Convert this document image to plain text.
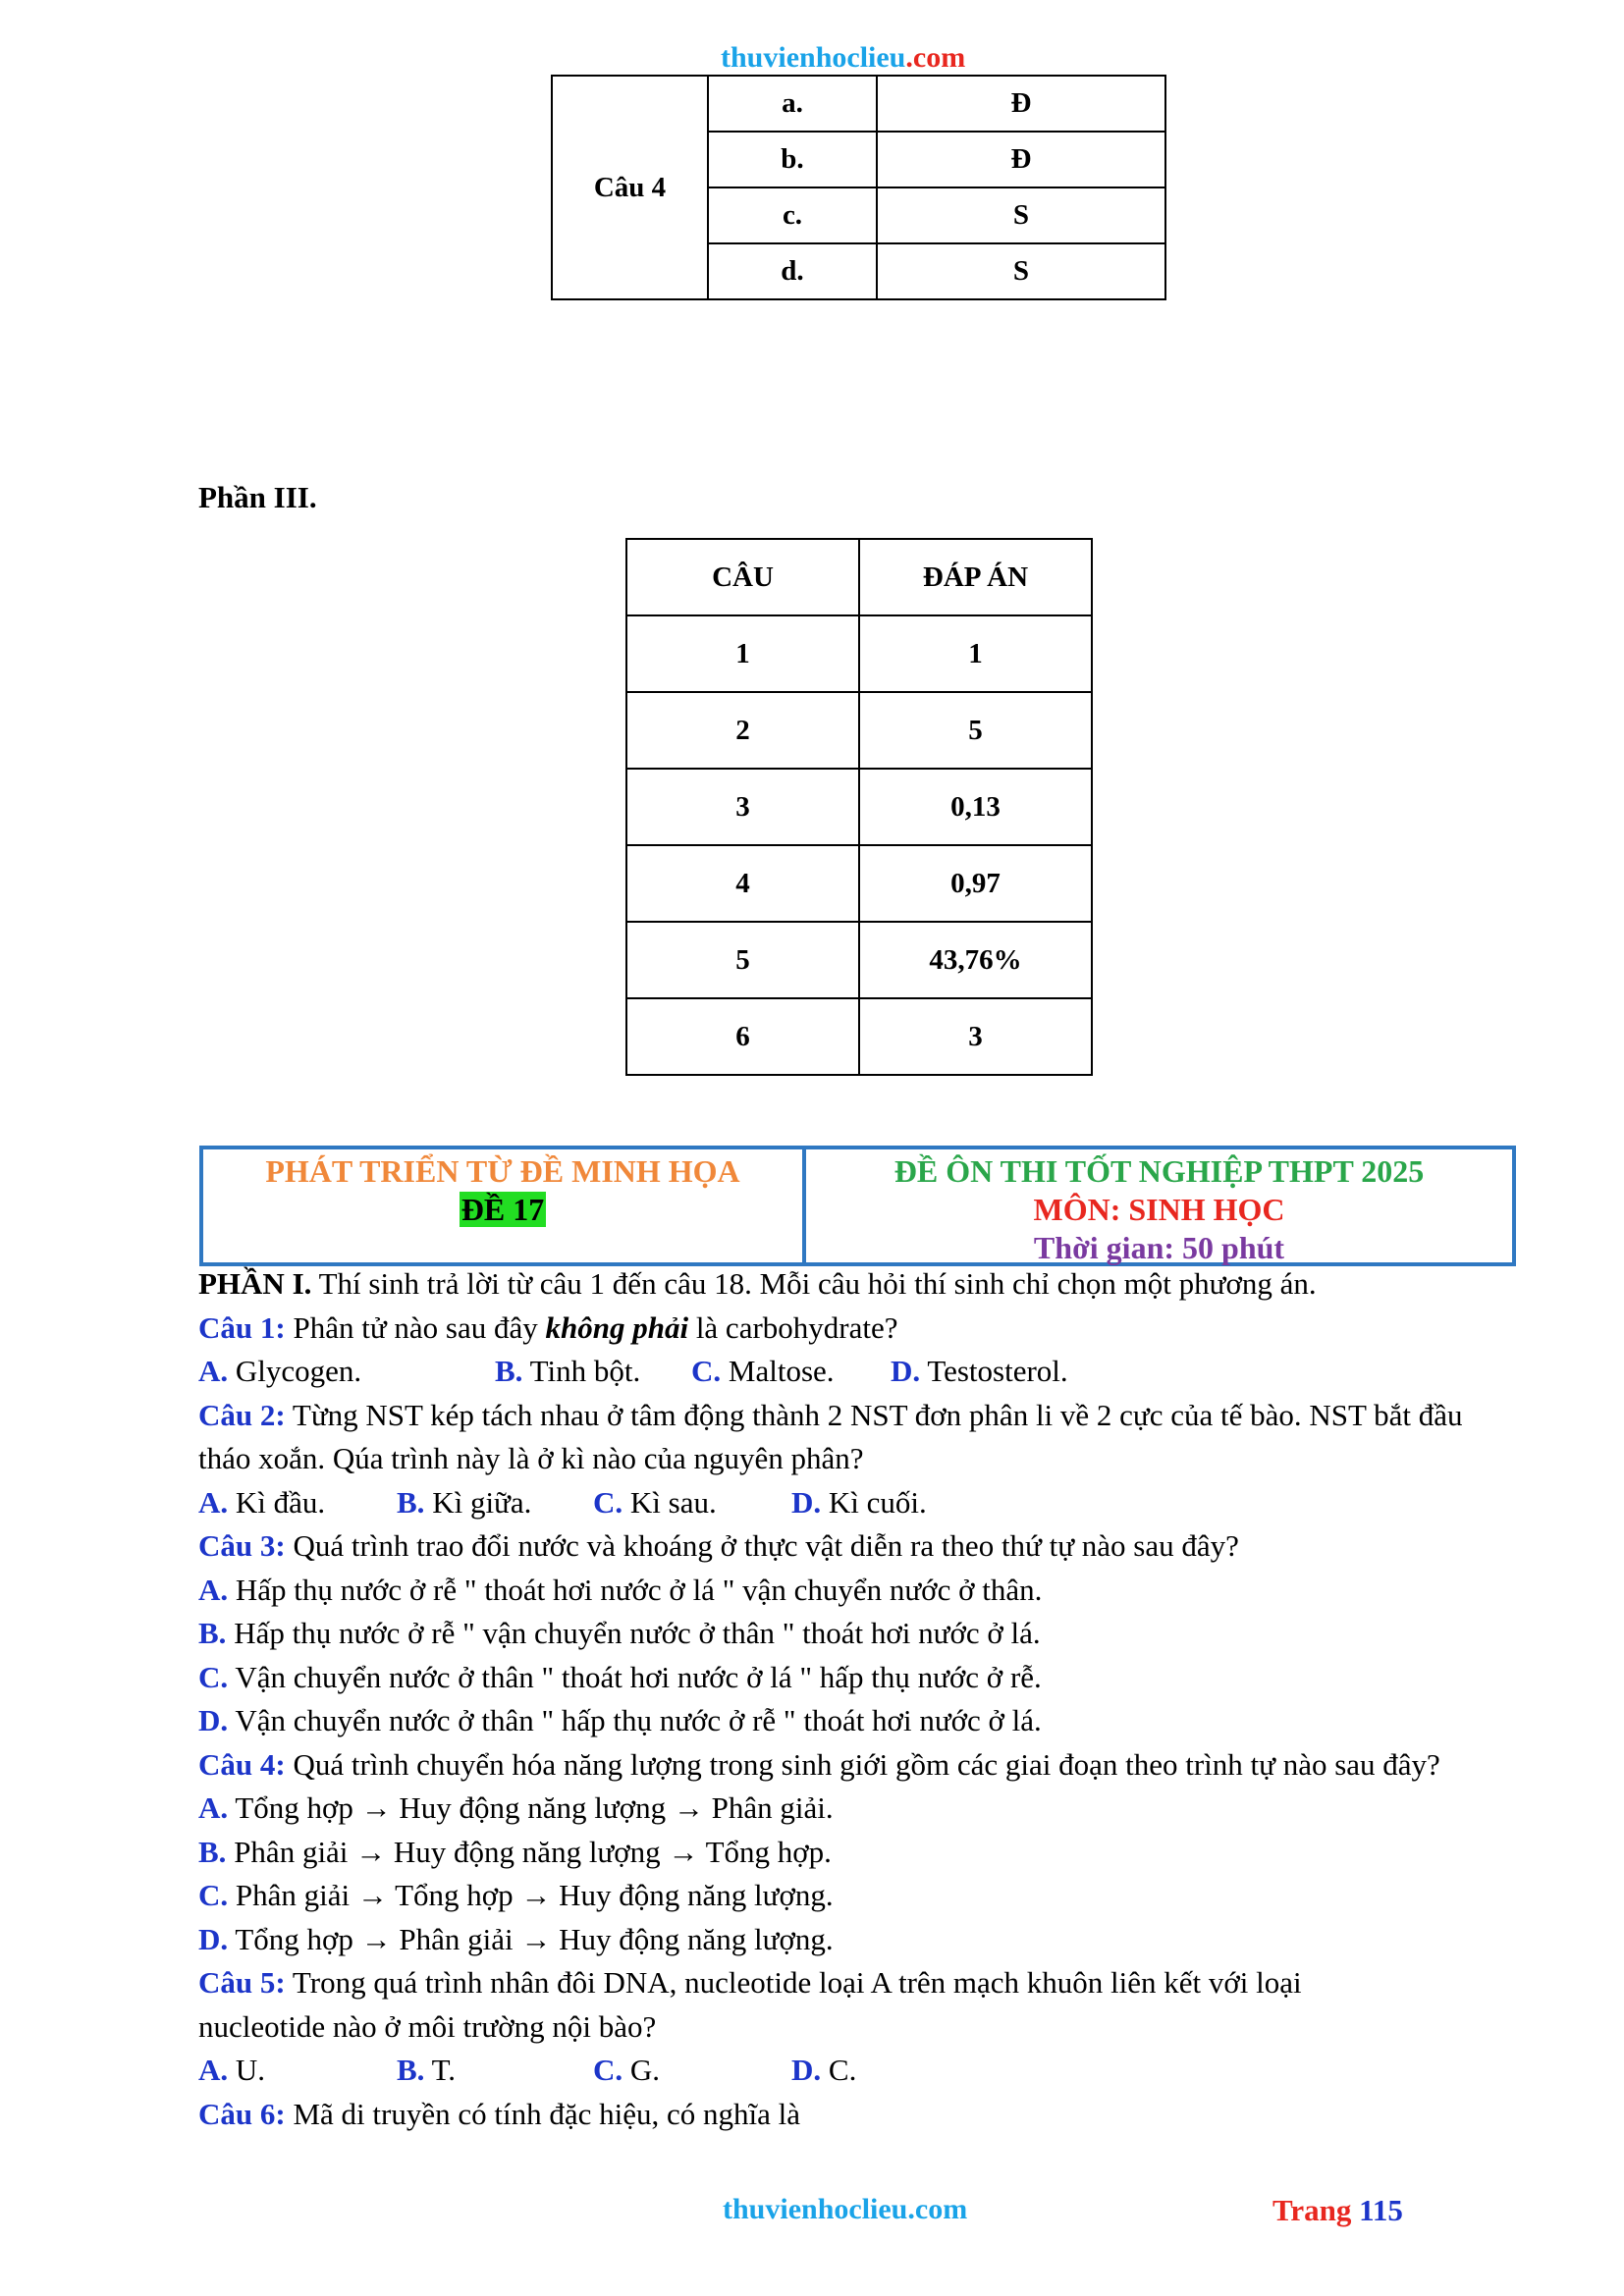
thuvienhoclieu.com
Câu 4	a.	Đ
	b.	Đ
	c.	S
	d.	S
Phần III.
CÂU	ĐÁP ÁN
1	1
2	5
3	0,13
4	0,97
5	43,76%
6	3
PHÁT TRIỂN TỪ ĐỀ MINH HỌA
ĐỀ 17
ĐỀ ÔN THI TỐT NGHIỆP THPT 2025
MÔN: SINH HỌC
Thời gian: 50 phút

PHẦN I. Thí sinh trả lời từ câu 1 đến câu 18. Mỗi câu hỏi thí sinh chỉ chọn một phương án.

Câu 1: Phân tử nào sau đây không phải là carbohydrate?

A. Glycogen.	B. Tinh bột. C. Maltose. D. Testosterol.

Câu 2: Từng NST kép tách nhau ở tâm động thành 2 NST đơn phân li về 2 cực của tế bào. NST bắt đầu tháo xoắn. Qúa trình này là ở kì nào của nguyên phân?

A. Kì đầu. B. Kì giữa. C. Kì sau. D. Kì cuối.

Câu 3: Quá trình trao đổi nước và khoáng ở thực vật diễn ra theo thứ tự nào sau đây?

A. Hấp thụ nước ở rễ " thoát hơi nước ở lá " vận chuyển nước ở thân.

B. Hấp thụ nước ở rễ " vận chuyển nước ở thân " thoát hơi nước ở lá.

C. Vận chuyển nước ở thân " thoát hơi nước ở lá " hấp thụ nước ở rễ.

D. Vận chuyển nước ở thân " hấp thụ nước ở rễ " thoát hơi nước ở lá.

Câu 4: Quá trình chuyển hóa năng lượng trong sinh giới gồm các giai đoạn theo trình tự nào sau đây?

A. Tổng hợp → Huy động năng lượng → Phân giải.

B. Phân giải → Huy động năng lượng → Tổng hợp.

C. Phân giải → Tổng hợp → Huy động năng lượng.

D. Tổng hợp → Phân giải → Huy động năng lượng.

Câu 5: Trong quá trình nhân đôi DNA, nucleotide loại A trên mạch khuôn liên kết với loại nucleotide nào ở môi trường nội bào?

A. U.	B. T.	C. G.	D. C.

Câu 6: Mã di truyền có tính đặc hiệu, có nghĩa là

thuvienhoclieu.com	Trang 115
